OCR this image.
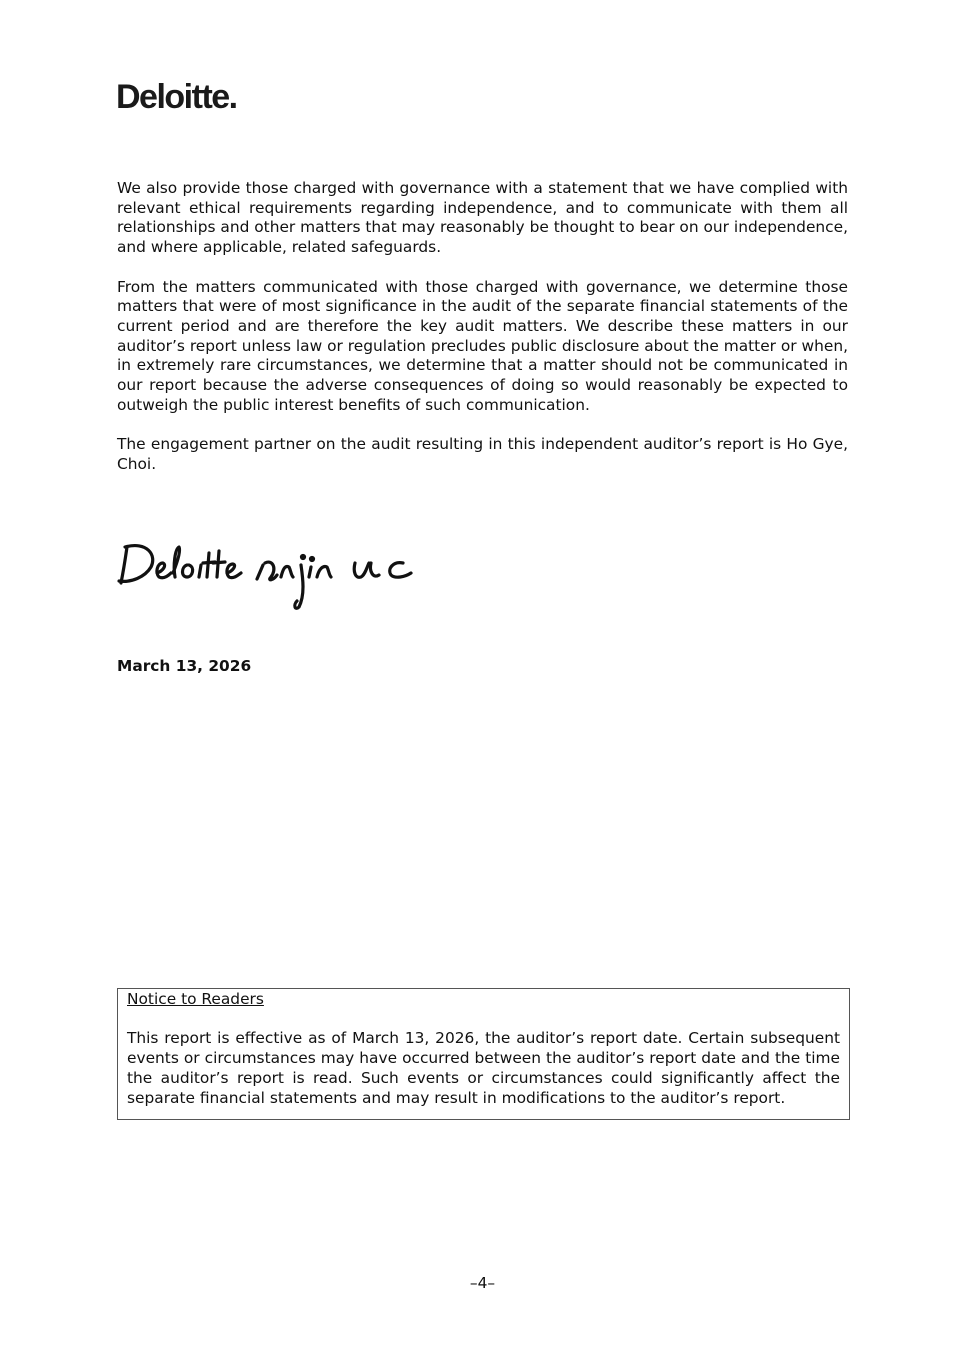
Deloitte.

We also provide those charged with governance with a statement that we have complied with relevant ethical requirements regarding independence, and to communicate with them all relationships and other matters that may reasonably be thought to bear on our independence, and where applicable, related safeguards.

From the matters communicated with those charged with governance, we determine those matters that were of most significance in the audit of the separate financial statements of the current period and are therefore the key audit matters. We describe these matters in our auditor’s report unless law or regulation precludes public disclosure about the matter or when, in extremely rare circumstances, we determine that a matter should not be communicated in our report because the adverse consequences of doing so would reasonably be expected to outweigh the public interest benefits of such communication.

The engagement partner on the audit resulting in this independent auditor’s report is Ho Gye, Choi.

March 13, 2026

Notice to Readers

This report is effective as of March 13, 2026, the auditor’s report date. Certain subsequent events or circumstances may have occurred between the auditor’s report date and the time the auditor’s report is read. Such events or circumstances could significantly affect the separate financial statements and may result in modifications to the auditor’s report.

–4–
